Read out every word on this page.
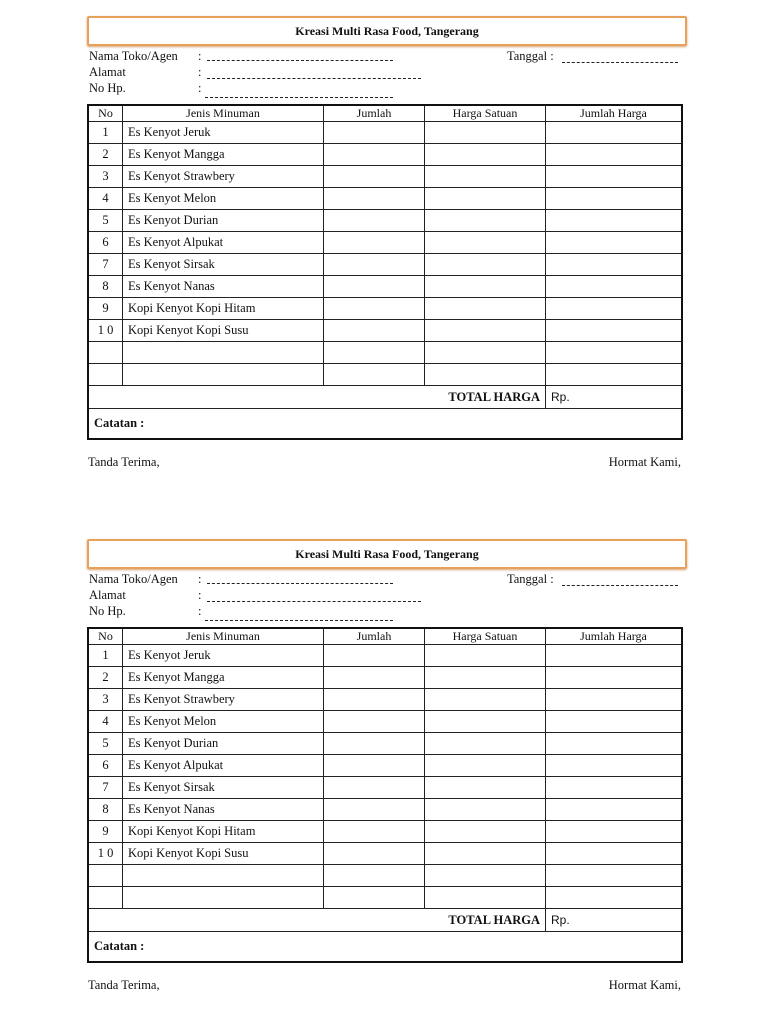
Kreasi Multi Rasa Food, Tangerang
Nama Toko/Agen
Alamat
No Hp.
:
:
:
Tanggal :
No	Jenis Minuman	Jumlah	Harga Satuan	Jumlah Harga
1	Es Kenyot Jeruk			
2	Es Kenyot Mangga			
3	Es Kenyot Strawbery			
4	Es Kenyot Melon			
5	Es Kenyot Durian			
6	Es Kenyot Alpukat			
7	Es Kenyot Sirsak			
8	Es Kenyot Nanas			
9	Kopi Kenyot Kopi Hitam			
1 0	Kopi Kenyot Kopi Susu			

TOTAL HARGA				Rp.
Catatan :				
Tanda Terima,	Hormat Kami,
Kreasi Multi Rasa Food, Tangerang
Nama Toko/Agen
Alamat
No Hp.
:
:
:
Tanggal :
No	Jenis Minuman	Jumlah	Harga Satuan	Jumlah Harga
1	Es Kenyot Jeruk			
2	Es Kenyot Mangga			
3	Es Kenyot Strawbery			
4	Es Kenyot Melon			
5	Es Kenyot Durian			
6	Es Kenyot Alpukat			
7	Es Kenyot Sirsak			
8	Es Kenyot Nanas			
9	Kopi Kenyot Kopi Hitam			
1 0	Kopi Kenyot Kopi Susu			

TOTAL HARGA				Rp.
Catatan :				
Tanda Terima,	Hormat Kami,
